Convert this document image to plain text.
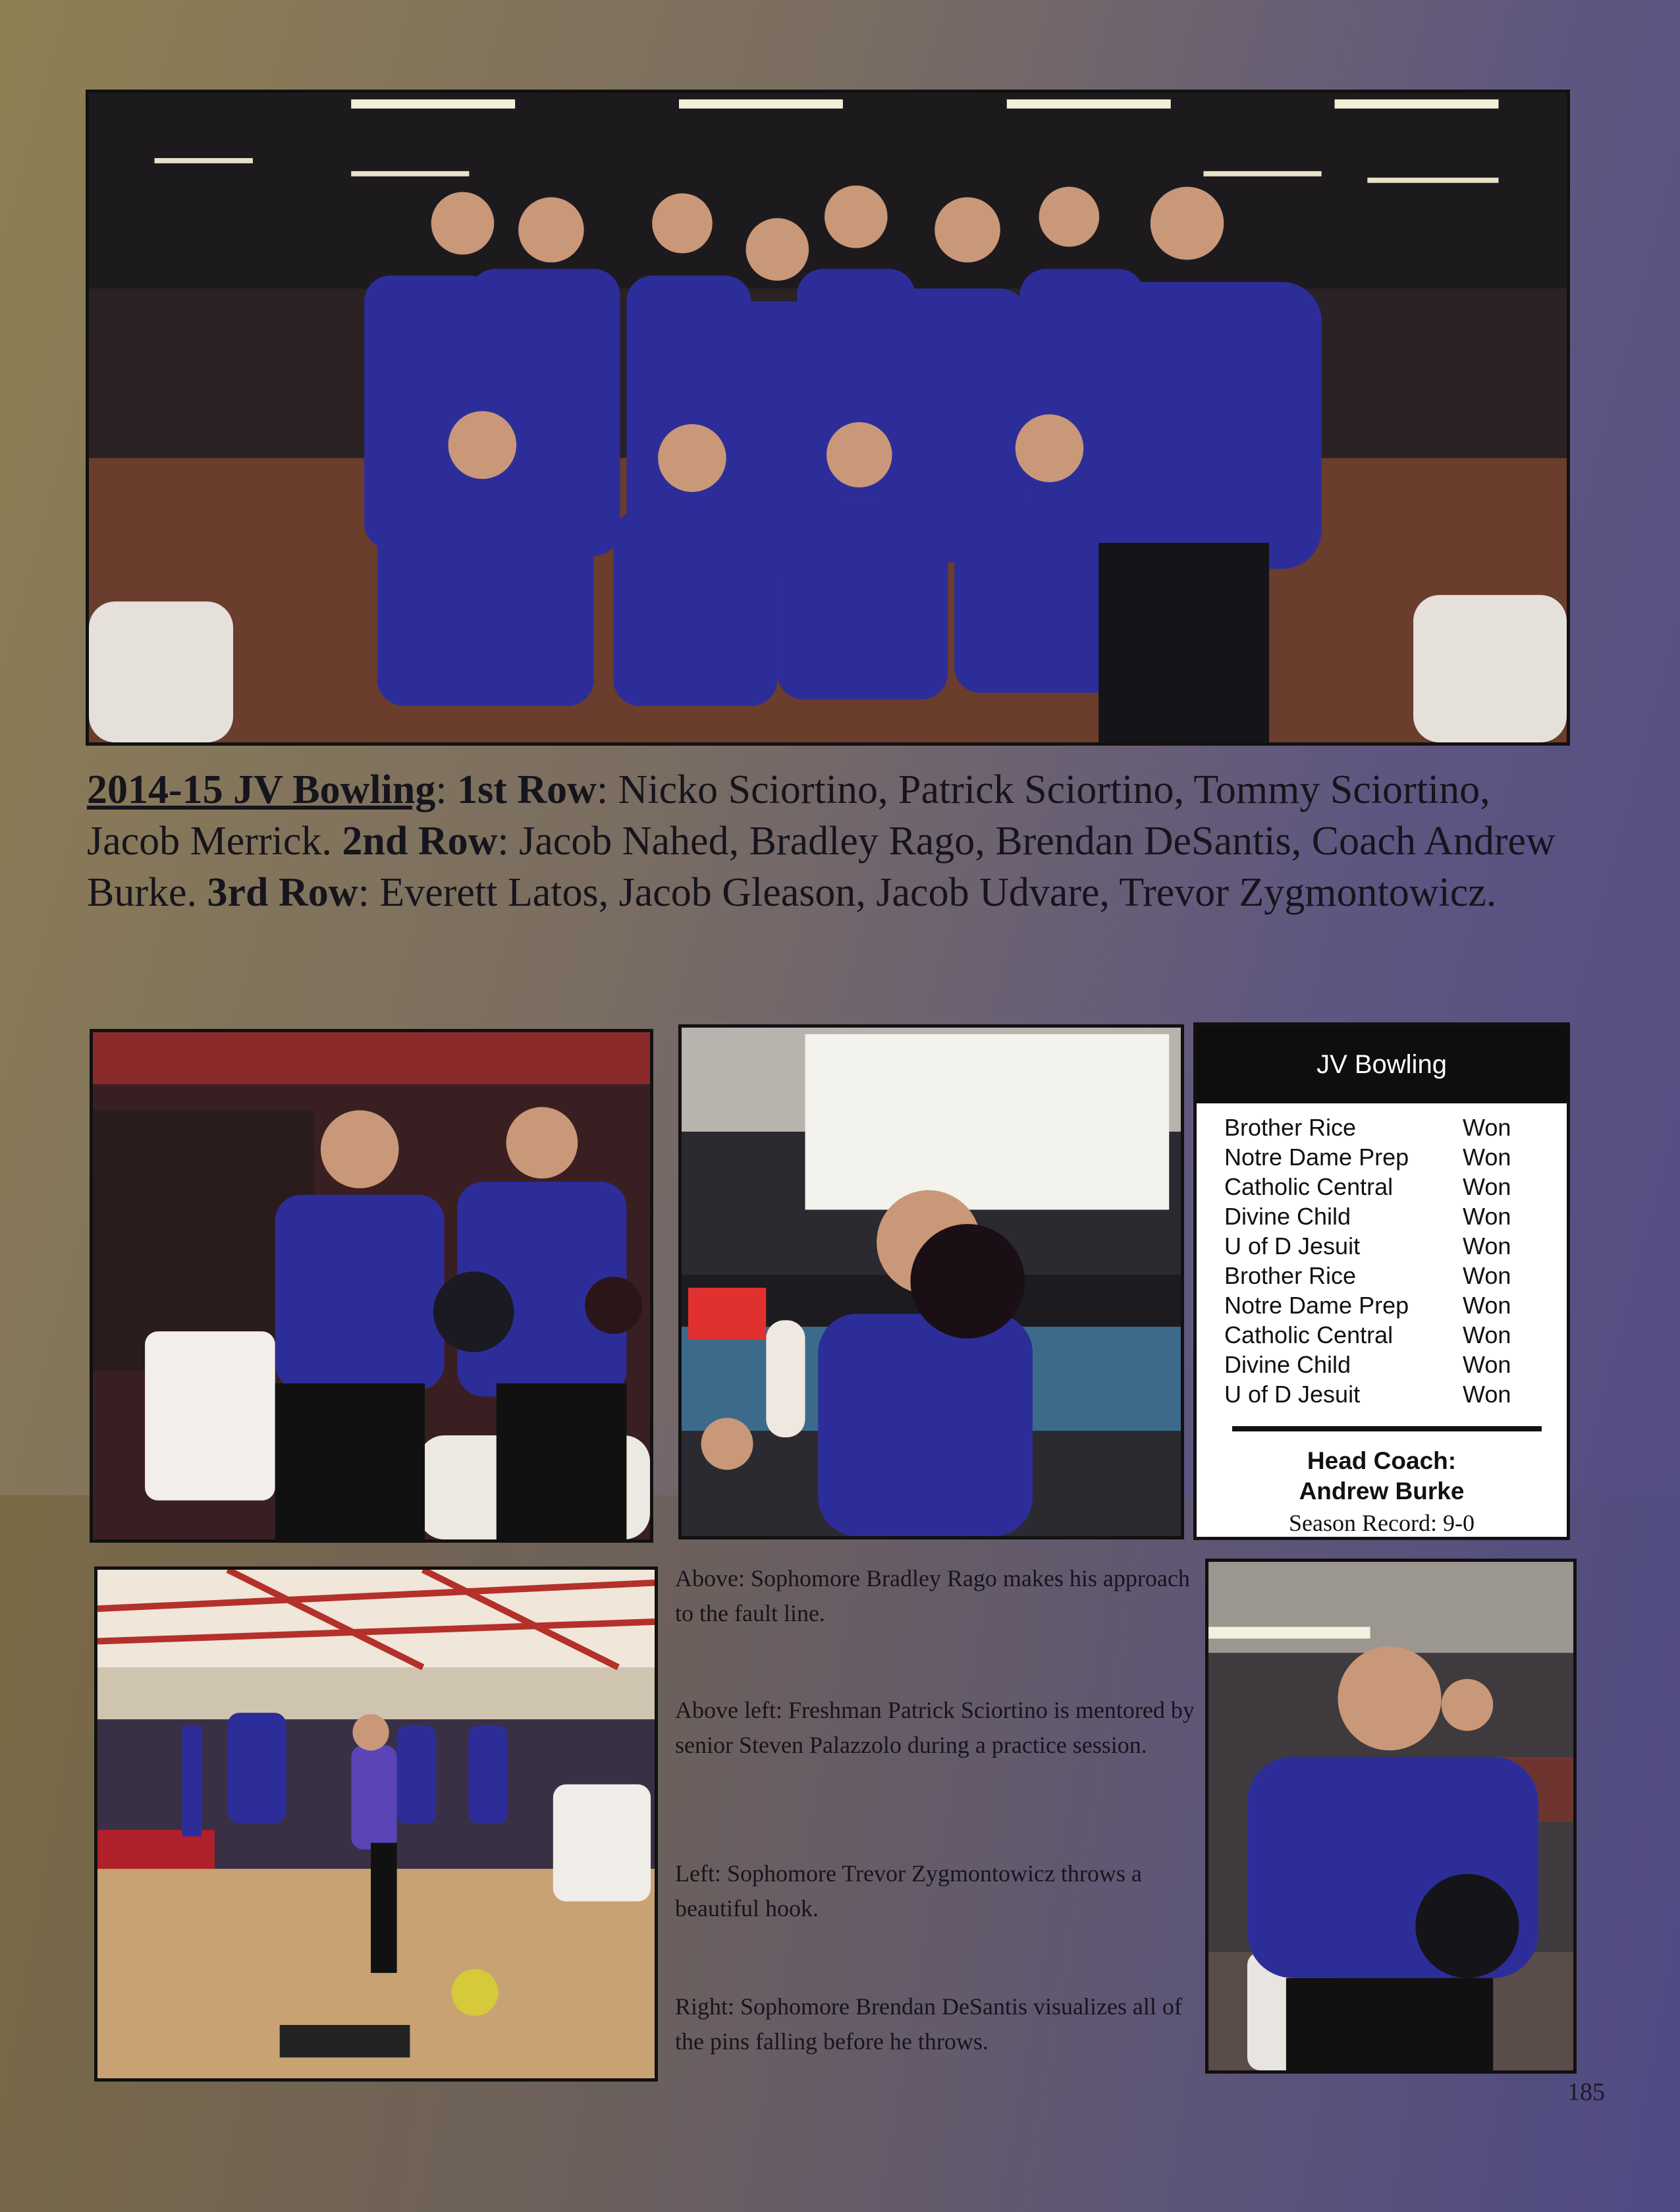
2014-15 JV Bowling: 1st Row: Nicko Sciortino, Patrick Sciortino, Tommy Sciortino, Jacob Merrick. 2nd Row: Jacob Nahed, Bradley Rago, Brendan DeSantis, Coach Andrew Burke. 3rd Row: Everett Latos, Jacob Gleason, Jacob Udvare, Trevor Zygmontowicz.
JV Bowling
Brother Rice	Won
Notre Dame Prep	Won
Catholic Central	Won
Divine Child	Won
U of D Jesuit	Won
Brother Rice	Won
Notre Dame Prep	Won
Catholic Central	Won
Divine Child	Won
U of D Jesuit	Won
Head Coach:
Andrew Burke
Season Record: 9-0
Above: Sophomore Bradley Rago makes his approach to the fault line.
Above left: Freshman Patrick Sciortino is mentored by senior Steven Palazzolo during a practice session.
Left: Sophomore Trevor Zygmontowicz throws a beautiful hook.
Right: Sophomore Brendan DeSantis visualizes all of the pins falling before he throws.
185
